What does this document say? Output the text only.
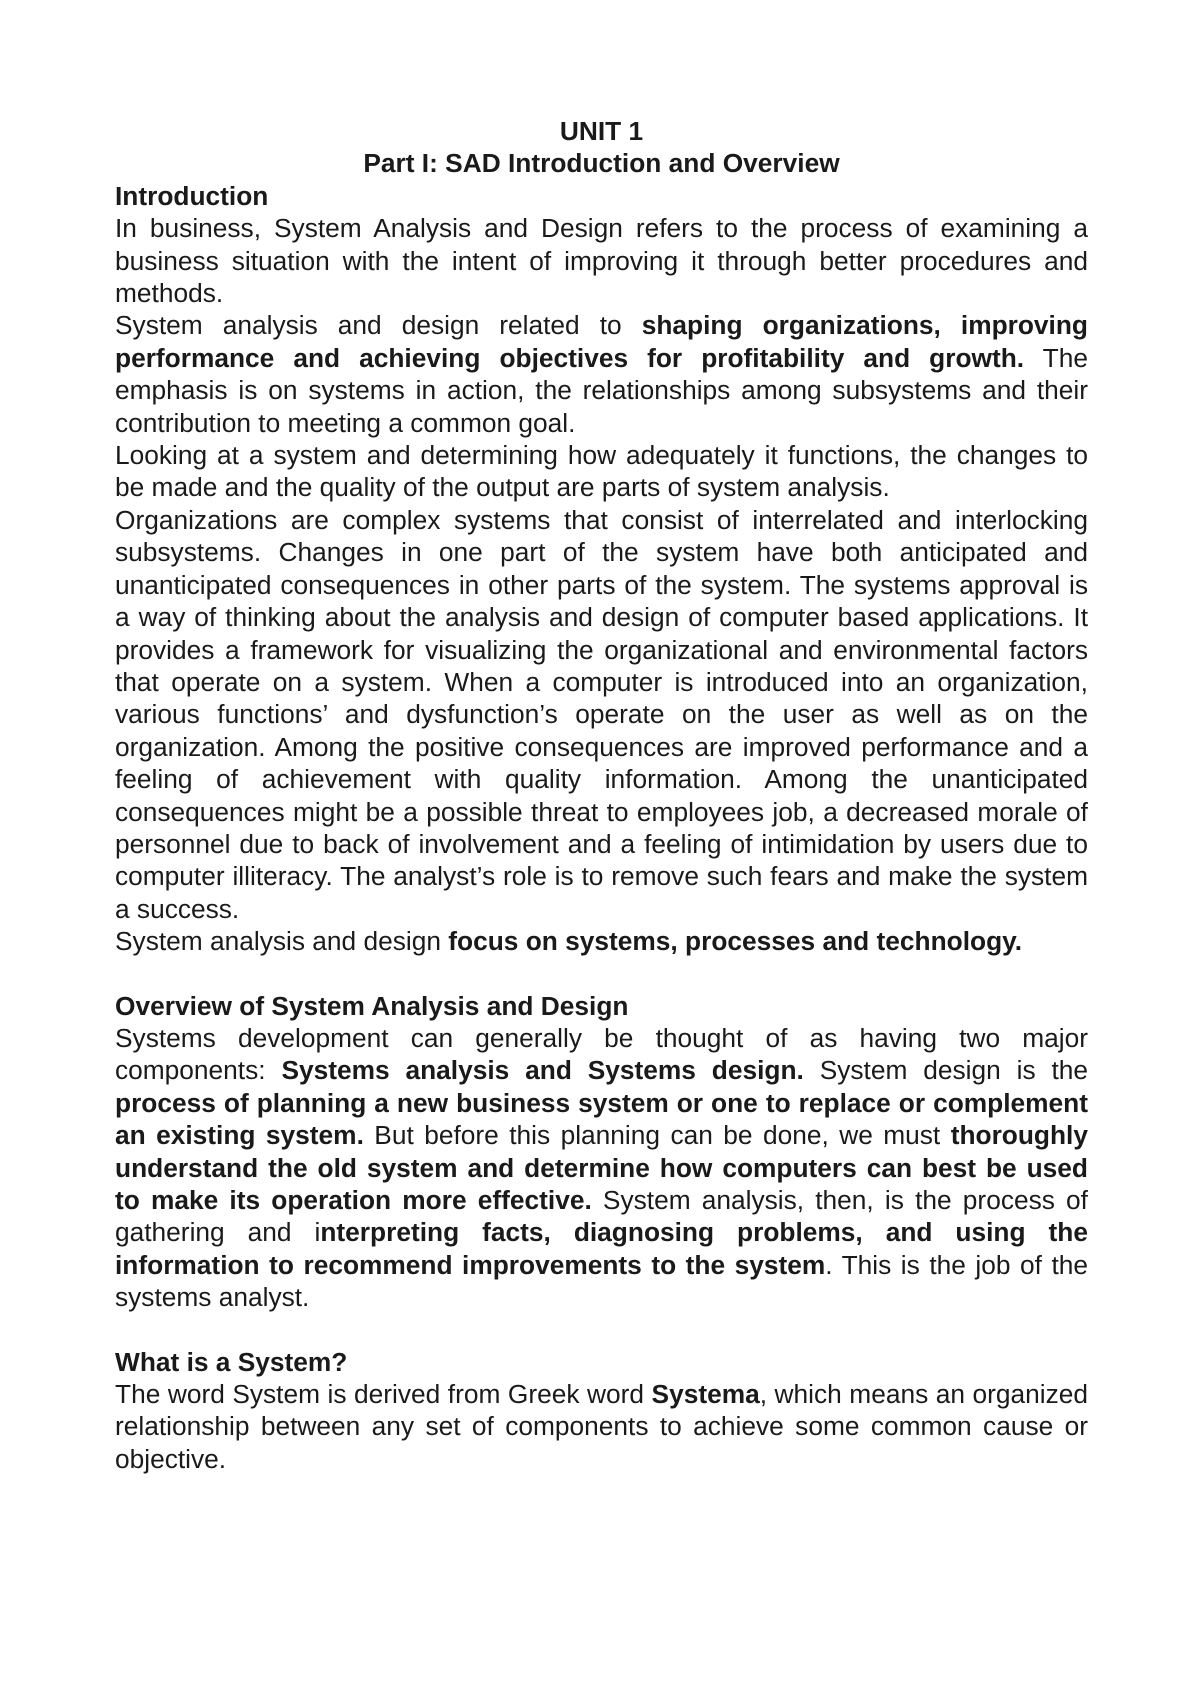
UNIT 1
Part I: SAD Introduction and Overview
Introduction

In business, System Analysis and Design refers to the process of examining a business situation with the intent of improving it through better procedures and methods.

System analysis and design related to shaping organizations, improving performance and achieving objectives for profitability and growth. The emphasis is on systems in action, the relationships among subsystems and their contribution to meeting a common goal.

Looking at a system and determining how adequately it functions, the changes to be made and the quality of the output are parts of system analysis.

Organizations are complex systems that consist of interrelated and interlocking subsystems. Changes in one part of the system have both anticipated and unanticipated consequences in other parts of the system. The systems approval is a way of thinking about the analysis and design of computer based applications. It provides a framework for visualizing the organizational and environmental factors that operate on a system. When a computer is introduced into an organization, various functions’ and dysfunction’s operate on the user as well as on the organization. Among the positive consequences are improved performance and a feeling of achievement with quality information. Among the unanticipated consequences might be a possible threat to employees job, a decreased morale of personnel due to back of involvement and a feeling of intimidation by users due to computer illiteracy. The analyst’s role is to remove such fears and make the system a success.

System analysis and design focus on systems, processes and technology.

Overview of System Analysis and Design

Systems development can generally be thought of as having two major components: Systems analysis and Systems design. System design is the process of planning a new business system or one to replace or complement an existing system. But before this planning can be done, we must thoroughly understand the old system and determine how computers can best be used to make its operation more effective. System analysis, then, is the process of gathering and interpreting facts, diagnosing problems, and using the information to recommend improvements to the system. This is the job of the systems analyst.

What is a System?

The word System is derived from Greek word Systema, which means an organized relationship between any set of components to achieve some common cause or objective.
